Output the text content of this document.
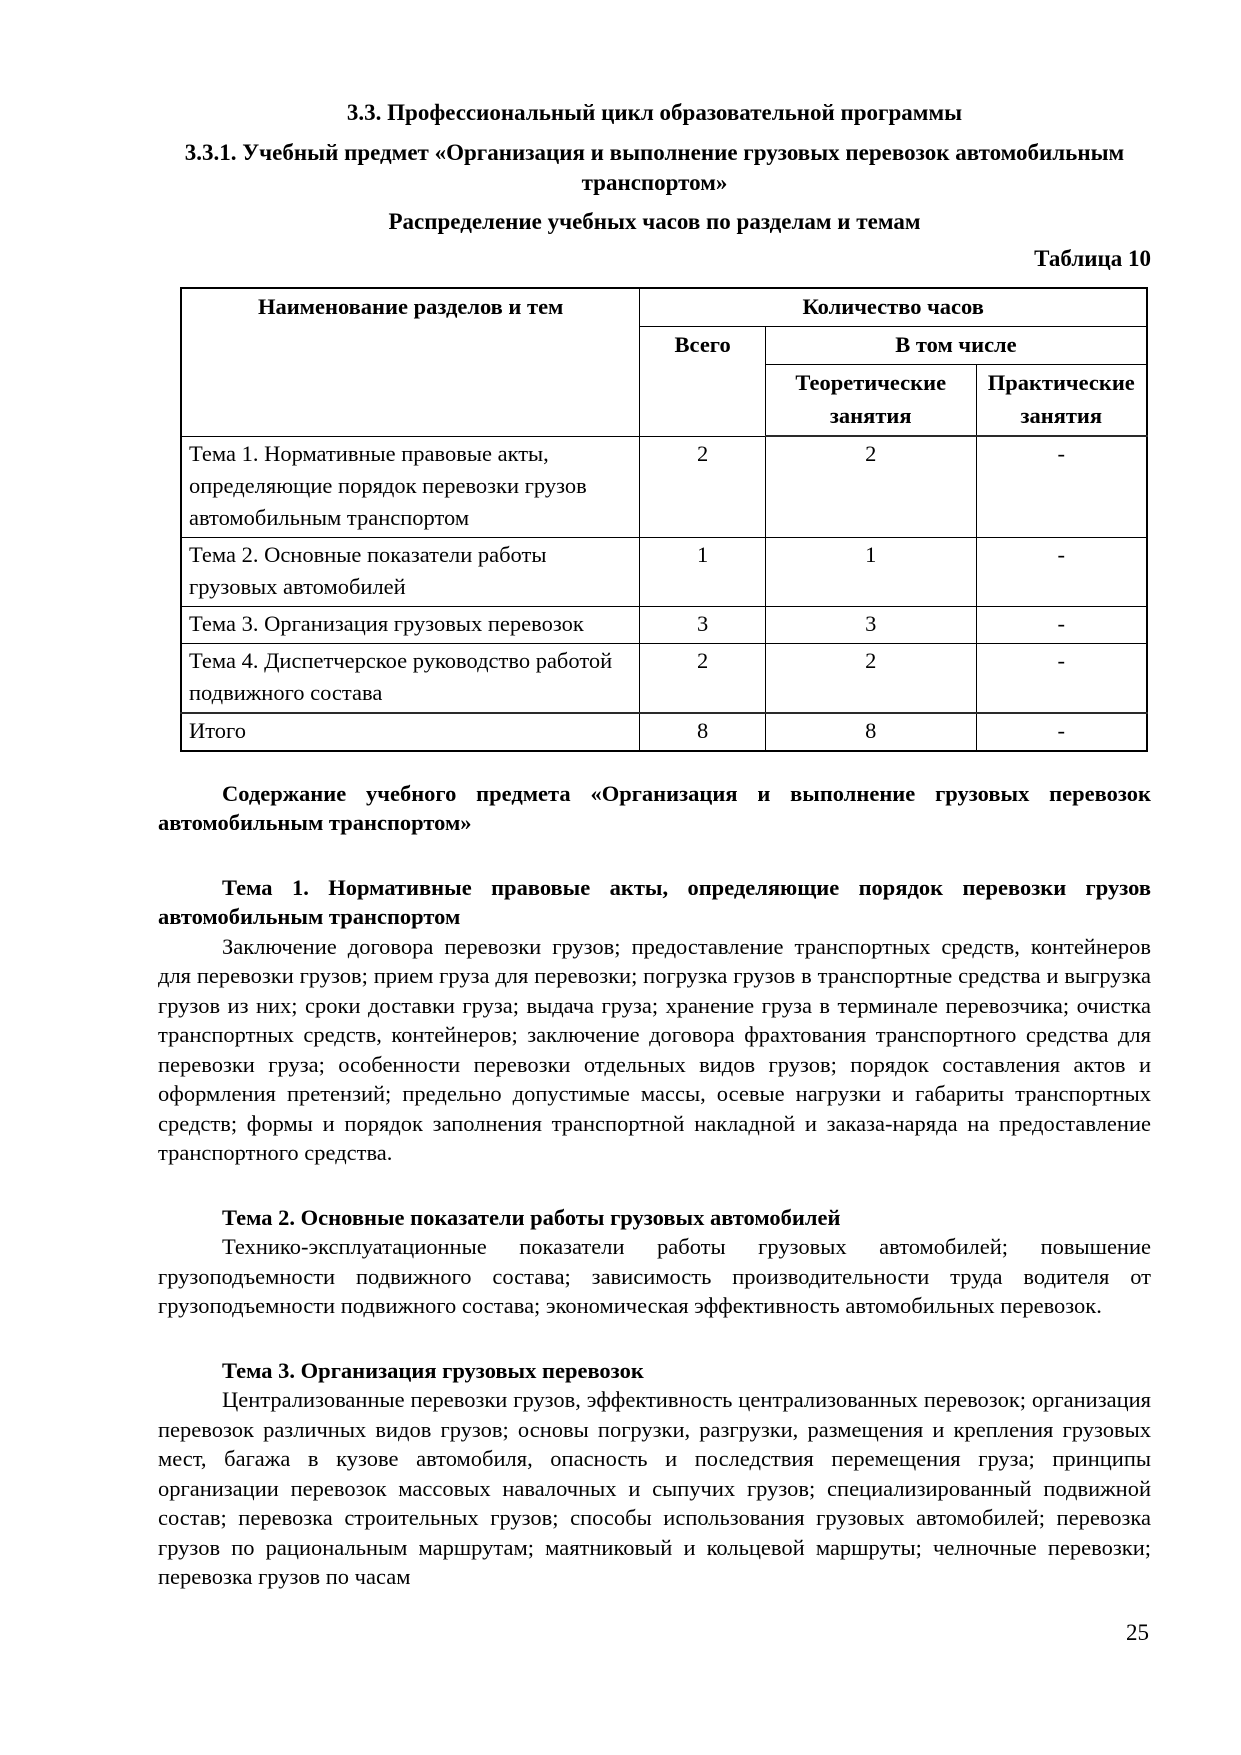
3.3. Профессиональный цикл образовательной программы

3.3.1. Учебный предмет «Организация и выполнение грузовых перевозок автомобильным транспортом»

Распределение учебных часов по разделам и темам

Таблица 10
Наименование разделов и тем	Количество часов		
	Всего	В том числе	
		Теоретические занятия	Практические занятия
Тема 1. Нормативные правовые акты, определяющие порядок перевозки грузов автомобильным транспортом	2	2	-
Тема 2. Основные показатели работы грузовых автомобилей	1	1	-
Тема 3. Организация грузовых перевозок	3	3	-
Тема 4. Диспетчерское руководство работой подвижного состава	2	2	-
Итого	8	8	-

Содержание учебного предмета «Организация и выполнение грузовых перевозок автомобильным транспортом»

Тема 1. Нормативные правовые акты, определяющие порядок перевозки грузов автомобильным транспортом

Заключение договора перевозки грузов; предоставление транспортных средств, контейнеров для перевозки грузов; прием груза для перевозки; погрузка грузов в транспортные средства и выгрузка грузов из них; сроки доставки груза; выдача груза; хранение груза в терминале перевозчика; очистка транспортных средств, контейнеров; заключение договора фрахтования транспортного средства для перевозки груза; особенности перевозки отдельных видов грузов; порядок составления актов и оформления претензий; предельно допустимые массы, осевые нагрузки и габариты транспортных средств; формы и порядок заполнения транспортной накладной и заказа-наряда на предоставление транспортного средства.

Тема 2. Основные показатели работы грузовых автомобилей

Технико-эксплуатационные показатели работы грузовых автомобилей; повышение грузоподъемности подвижного состава; зависимость производительности труда водителя от грузоподъемности подвижного состава; экономическая эффективность автомобильных перевозок.

Тема 3. Организация грузовых перевозок

Централизованные перевозки грузов, эффективность централизованных перевозок; организация перевозок различных видов грузов; основы погрузки, разгрузки, размещения и крепления грузовых мест, багажа в кузове автомобиля, опасность и последствия перемещения груза; принципы организации перевозок массовых навалочных и сыпучих грузов; специализированный подвижной состав; перевозка строительных грузов; способы использования грузовых автомобилей; перевозка грузов по рациональным маршрутам; маятниковый и кольцевой маршруты; челночные перевозки; перевозка грузов по часам

25
